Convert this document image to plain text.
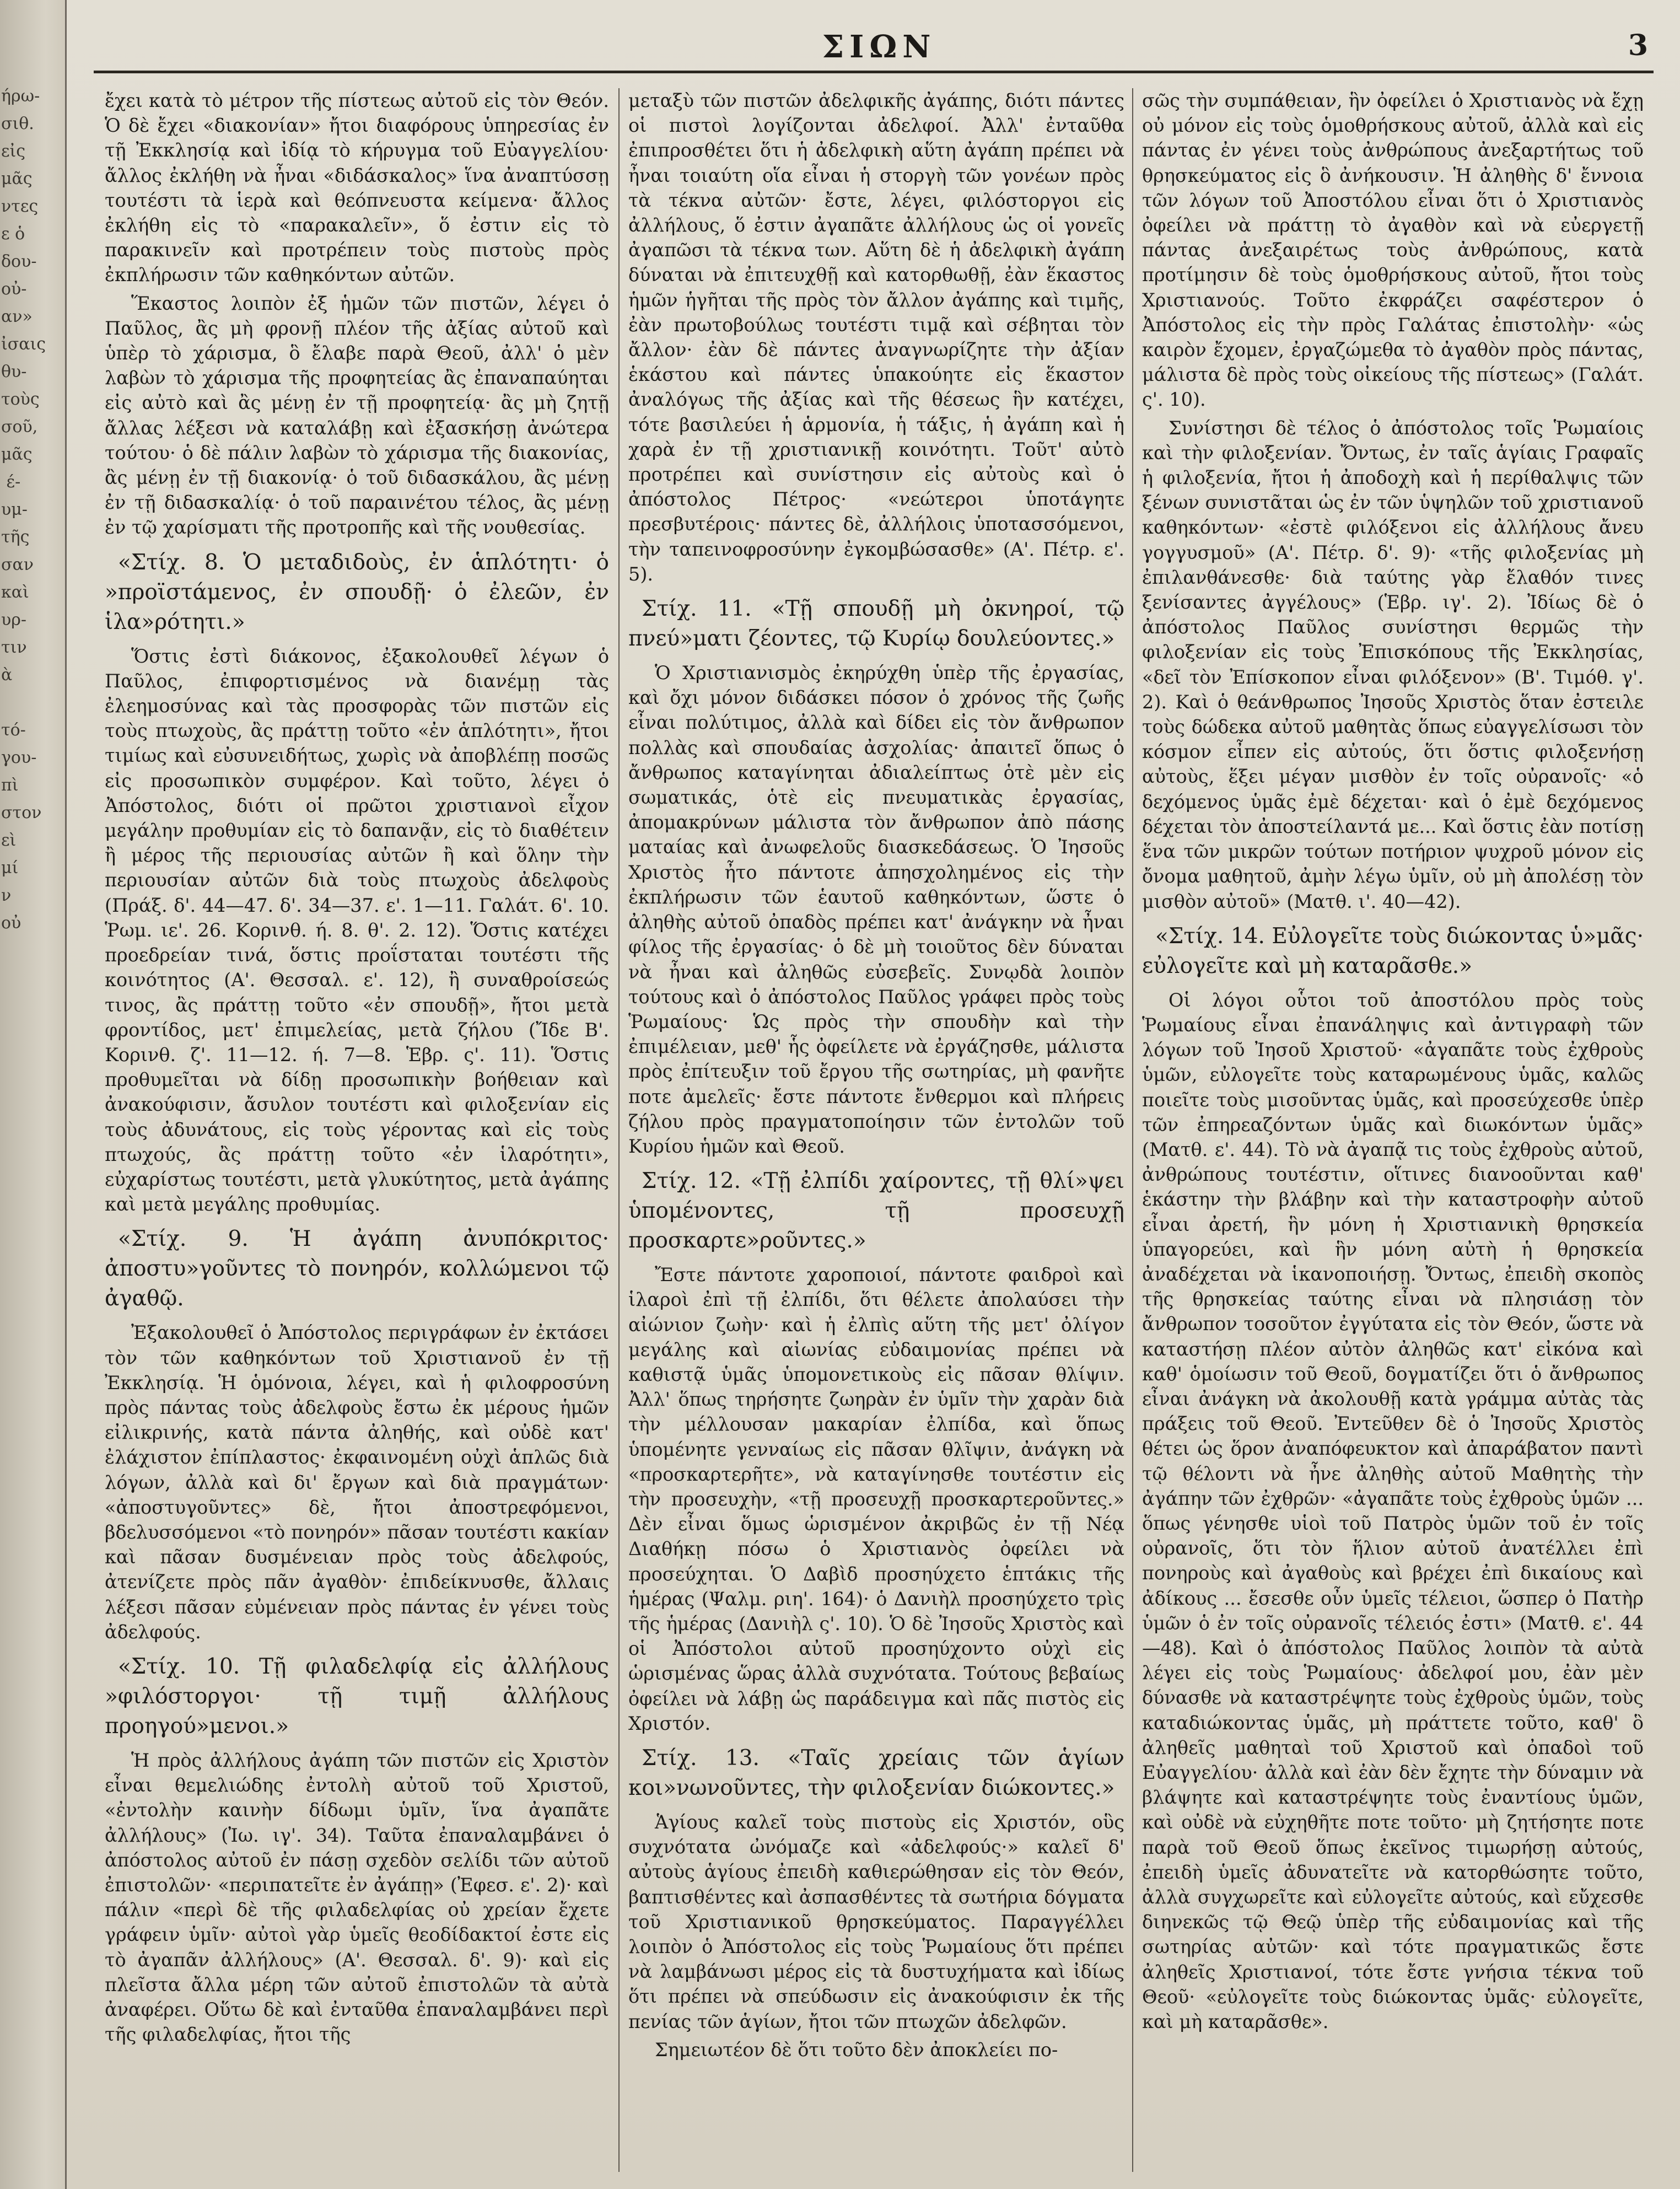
ήρω-
σιθ.
εἰς
μᾶς
ντες
ε ὁ
δου-
οὐ-
αν»
ἰσαις
θυ-
τοὺς
σοῦ,
μᾶς
έ-
υμ-
τῆς
σαν
καὶ
υρ-
τιν
ὰ

τό-
γου-
πὶ
στον
εὶ
μί
ν
οὐ
ΣΙΩΝ	3

ἔχει κατὰ τὸ μέτρον τῆς πίστεως αὐτοῦ εἰς τὸν Θεόν. Ὁ δὲ ἔχει «διακονίαν» ἤτοι διαφόρους ὑπηρεσίας ἐν τῇ Ἐκκλησίᾳ καὶ ἰδίᾳ τὸ κήρυγμα τοῦ Εὐαγγελίου· ἄλλος ἐκλήθη νὰ ἦναι «διδάσκαλος» ἵνα ἀναπτύσσῃ τουτέστι τὰ ἱερὰ καὶ θεόπνευστα κείμενα· ἄλλος ἐκλήθη εἰς τὸ «παρακαλεῖν», ὅ ἐστιν εἰς τὸ παρακινεῖν καὶ προτρέπειν τοὺς πιστοὺς πρὸς ἐκπλήρωσιν τῶν καθηκόντων αὐτῶν.

Ἕκαστος λοιπὸν ἐξ ἡμῶν τῶν πιστῶν, λέγει ὁ Παῦλος, ἂς μὴ φρονῇ πλέον τῆς ἀξίας αὐτοῦ καὶ ὑπὲρ τὸ χάρισμα, ὃ ἔλαβε παρὰ Θεοῦ, ἀλλ' ὁ μὲν λαβὼν τὸ χάρισμα τῆς προφητείας ἂς ἐπαναπαύηται εἰς αὐτὸ καὶ ἂς μένῃ ἐν τῇ προφητείᾳ· ἂς μὴ ζητῇ ἄλλας λέξεσι νὰ καταλάβῃ καὶ ἐξασκήσῃ ἀνώτερα τούτου· ὁ δὲ πάλιν λαβὼν τὸ χάρισμα τῆς διακονίας, ἂς μένῃ ἐν τῇ διακονίᾳ· ὁ τοῦ διδασκάλου, ἂς μένῃ ἐν τῇ διδασκαλίᾳ· ὁ τοῦ παραινέτου τέλος, ἂς μένῃ ἐν τῷ χαρίσματι τῆς προτροπῆς καὶ τῆς νουθεσίας.

«Στίχ. 8. Ὁ μεταδιδοὺς, ἐν ἁπλότητι· ὁ »προϊστάμενος, ἐν σπουδῇ· ὁ ἐλεῶν, ἐν ἱλα»ρότητι.»

Ὅστις ἐστὶ διάκονος, ἐξακολουθεῖ λέγων ὁ Παῦλος, ἐπιφορτισμένος νὰ διανέμῃ τὰς ἐλεημοσύνας καὶ τὰς προσφορὰς τῶν πιστῶν εἰς τοὺς πτωχοὺς, ἂς πράττῃ τοῦτο «ἐν ἁπλότητι», ἤτοι τιμίως καὶ εὐσυνειδήτως, χωρὶς νὰ ἀποβλέπῃ ποσῶς εἰς προσωπικὸν συμφέρον. Καὶ τοῦτο, λέγει ὁ Ἀπόστολος, διότι οἱ πρῶτοι χριστιανοὶ εἶχον μεγάλην προθυμίαν εἰς τὸ δαπανᾷν, εἰς τὸ διαθέτειν ἢ μέρος τῆς περιουσίας αὐτῶν ἢ καὶ ὅλην τὴν περιουσίαν αὐτῶν διὰ τοὺς πτωχοὺς ἀδελφοὺς (Πράξ. δ'. 44—47. δ'. 34—37. ε'. 1—11. Γαλάτ. 6'. 10. Ῥωμ. ιε'. 26. Κορινθ. ή. 8. θ'. 2. 12). Ὅστις κατέχει προεδρείαν τινά, ὅστις προΐσταται τουτέστι τῆς κοινότητος (Α'. Θεσσαλ. ε'. 12), ἢ συναθροίσεώς τινος, ἂς πράττῃ τοῦτο «ἐν σπουδῇ», ἤτοι μετὰ φροντίδος, μετ' ἐπιμελείας, μετὰ ζήλου (Ἴδε Β'. Κορινθ. ζ'. 11—12. ή. 7—8. Ἑβρ. ς'. 11). Ὅστις προθυμεῖται νὰ δίδῃ προσωπικὴν βοήθειαν καὶ ἀνακούφισιν, ἄσυλον τουτέστι καὶ φιλοξενίαν εἰς τοὺς ἀδυνάτους, εἰς τοὺς γέροντας καὶ εἰς τοὺς πτωχούς, ἂς πράττῃ τοῦτο «ἐν ἱλαρότητι», εὐχαρίστως τουτέστι, μετὰ γλυκύτητος, μετὰ ἀγάπης καὶ μετὰ μεγάλης προθυμίας.

«Στίχ. 9. Ἡ ἀγάπη ἀνυπόκριτος· ἀποστυ»γοῦντες τὸ πονηρόν, κολλώμενοι τῷ ἀγαθῷ.

Ἐξακολουθεῖ ὁ Ἀπόστολος περιγράφων ἐν ἐκτάσει τὸν τῶν καθηκόντων τοῦ Χριστιανοῦ ἐν τῇ Ἐκκλησίᾳ. Ἡ ὁμόνοια, λέγει, καὶ ἡ φιλοφροσύνη πρὸς πάντας τοὺς ἀδελφοὺς ἔστω ἐκ μέρους ἡμῶν εἰλικρινής, κατὰ πάντα ἀληθής, καὶ οὐδὲ κατ' ἐλάχιστον ἐπίπλαστος· ἐκφαινομένη οὐχὶ ἁπλῶς διὰ λόγων, ἀλλὰ καὶ δι' ἔργων καὶ διὰ πραγμάτων· «ἀποστυγοῦντες» δὲ, ἤτοι ἀποστρεφόμενοι, βδελυσσόμενοι «τὸ πονηρόν» πᾶσαν τουτέστι κακίαν καὶ πᾶσαν δυσμένειαν πρὸς τοὺς ἀδελφούς, ἀτενίζετε πρὸς πᾶν ἀγαθὸν· ἐπιδείκνυσθε, ἄλλαις λέξεσι πᾶσαν εὐμένειαν πρὸς πάντας ἐν γένει τοὺς ἀδελφούς.

«Στίχ. 10. Τῇ φιλαδελφίᾳ εἰς ἀλλήλους »φιλόστοργοι· τῇ τιμῇ ἀλλήλους προηγού»μενοι.»

Ἡ πρὸς ἀλλήλους ἀγάπη τῶν πιστῶν εἰς Χριστὸν εἶναι θεμελιώδης ἐντολὴ αὐτοῦ τοῦ Χριστοῦ, «ἐντολὴν καινὴν δίδωμι ὑμῖν, ἵνα ἀγαπᾶτε ἀλλήλους» (Ἰω. ιγ'. 34). Ταῦτα ἐπαναλαμβάνει ὁ ἀπόστολος αὐτοῦ ἐν πάσῃ σχεδὸν σελίδι τῶν αὐτοῦ ἐπιστολῶν· «περιπατεῖτε ἐν ἀγάπῃ» (Ἐφεσ. ε'. 2)· καὶ πάλιν «περὶ δὲ τῆς φιλαδελφίας οὐ χρείαν ἔχετε γράφειν ὑμῖν· αὐτοὶ γὰρ ὑμεῖς θεοδίδακτοί ἐστε εἰς τὸ ἀγαπᾶν ἀλλήλους» (Α'. Θεσσαλ. δ'. 9)· καὶ εἰς πλεῖστα ἄλλα μέρη τῶν αὐτοῦ ἐπιστολῶν τὰ αὐτὰ ἀναφέρει. Οὕτω δὲ καὶ ἐνταῦθα ἐπαναλαμβάνει περὶ τῆς φιλαδελφίας, ἤτοι τῆς

μεταξὺ τῶν πιστῶν ἀδελφικῆς ἀγάπης, διότι πάντες οἱ πιστοὶ λογίζονται ἀδελφοί. Ἀλλ' ἐνταῦθα ἐπιπροσθέτει ὅτι ἡ ἀδελφικὴ αὕτη ἀγάπη πρέπει νὰ ἦναι τοιαύτη οἵα εἶναι ἡ στοργὴ τῶν γονέων πρὸς τὰ τέκνα αὐτῶν· ἔστε, λέγει, φιλόστοργοι εἰς ἀλλήλους, ὅ ἐστιν ἀγαπᾶτε ἀλλήλους ὡς οἱ γονεῖς ἀγαπῶσι τὰ τέκνα των. Αὕτη δὲ ἡ ἀδελφικὴ ἀγάπη δύναται νὰ ἐπιτευχθῇ καὶ κατορθωθῇ, ἐὰν ἕκαστος ἡμῶν ἡγῆται τῆς πρὸς τὸν ἄλλον ἀγάπης καὶ τιμῆς, ἐὰν πρωτοβούλως τουτέστι τιμᾷ καὶ σέβηται τὸν ἄλλον· ἐὰν δὲ πάντες ἀναγνωρίζητε τὴν ἀξίαν ἑκάστου καὶ πάντες ὑπακούητε εἰς ἕκαστον ἀναλόγως τῆς ἀξίας καὶ τῆς θέσεως ἣν κατέχει, τότε βασιλεύει ἡ ἁρμονία, ἡ τάξις, ἡ ἀγάπη καὶ ἡ χαρὰ ἐν τῇ χριστιανικῇ κοινότητι. Τοῦτ' αὐτὸ προτρέπει καὶ συνίστησιν εἰς αὐτοὺς καὶ ὁ ἀπόστολος Πέτρος· «νεώτεροι ὑποτάγητε πρεσβυτέροις· πάντες δὲ, ἀλλήλοις ὑποτασσόμενοι, τὴν ταπεινοφροσύνην ἐγκομβώσασθε» (Α'. Πέτρ. ε'. 5).

Στίχ. 11. «Τῇ σπουδῇ μὴ ὀκνηροί, τῷ πνεύ»ματι ζέοντες, τῷ Κυρίῳ δουλεύοντες.»

Ὁ Χριστιανισμὸς ἐκηρύχθη ὑπὲρ τῆς ἐργασίας, καὶ ὄχι μόνον διδάσκει πόσον ὁ χρόνος τῆς ζωῆς εἶναι πολύτιμος, ἀλλὰ καὶ δίδει εἰς τὸν ἄνθρωπον πολλὰς καὶ σπουδαίας ἀσχολίας· ἀπαιτεῖ ὅπως ὁ ἄνθρωπος καταγίνηται ἀδιαλείπτως ὁτὲ μὲν εἰς σωματικάς, ὁτὲ εἰς πνευματικὰς ἐργασίας, ἀπομακρύνων μάλιστα τὸν ἄνθρωπον ἀπὸ πάσης ματαίας καὶ ἀνωφελοῦς διασκεδάσεως. Ὁ Ἰησοῦς Χριστὸς ἦτο πάντοτε ἀπησχολημένος εἰς τὴν ἐκπλήρωσιν τῶν ἑαυτοῦ καθηκόντων, ὥστε ὁ ἀληθὴς αὐτοῦ ὀπαδὸς πρέπει κατ' ἀνάγκην νὰ ἦναι φίλος τῆς ἐργασίας· ὁ δὲ μὴ τοιοῦτος δὲν δύναται νὰ ἦναι καὶ ἀληθῶς εὐσεβεῖς. Συνῳδὰ λοιπὸν τούτους καὶ ὁ ἀπόστολος Παῦλος γράφει πρὸς τοὺς Ῥωμαίους· Ὡς πρὸς τὴν σπουδὴν καὶ τὴν ἐπιμέλειαν, μεθ' ἧς ὀφείλετε νὰ ἐργάζησθε, μάλιστα πρὸς ἐπίτευξιν τοῦ ἔργου τῆς σωτηρίας, μὴ φανῆτε ποτε ἀμελεῖς· ἔστε πάντοτε ἔνθερμοι καὶ πλήρεις ζήλου πρὸς πραγματοποίησιν τῶν ἐντολῶν τοῦ Κυρίου ἡμῶν καὶ Θεοῦ.

Στίχ. 12. «Τῇ ἐλπίδι χαίροντες, τῇ θλί»ψει ὑπομένοντες, τῇ προσευχῇ προσκαρτε»ροῦντες.»

Ἔστε πάντοτε χαροποιοί, πάντοτε φαιδροὶ καὶ ἱλαροὶ ἐπὶ τῇ ἐλπίδι, ὅτι θέλετε ἀπολαύσει τὴν αἰώνιον ζωὴν· καὶ ἡ ἐλπὶς αὕτη τῆς μετ' ὀλίγον μεγάλης καὶ αἰωνίας εὐδαιμονίας πρέπει νὰ καθιστᾷ ὑμᾶς ὑπομονετικοὺς εἰς πᾶσαν θλίψιν. Ἀλλ' ὅπως τηρήσητε ζωηρὰν ἐν ὑμῖν τὴν χαρὰν διὰ τὴν μέλλουσαν μακαρίαν ἐλπίδα, καὶ ὅπως ὑπομένητε γενναίως εἰς πᾶσαν θλῖψιν, ἀνάγκη νὰ «προσκαρτερῆτε», νὰ καταγίνησθε τουτέστιν εἰς τὴν προσευχὴν, «τῇ προσευχῇ προσκαρτεροῦντες.» Δὲν εἶναι ὅμως ὡρισμένον ἀκριβῶς ἐν τῇ Νέᾳ Διαθήκῃ πόσω ὁ Χριστιανὸς ὀφείλει νὰ προσεύχηται. Ὁ Δαβὶδ προσηύχετο ἑπτάκις τῆς ἡμέρας (Ψαλμ. ριη'. 164)· ὁ Δανιὴλ προσηύχετο τρὶς τῆς ἡμέρας (Δανιὴλ ς'. 10). Ὁ δὲ Ἰησοῦς Χριστὸς καὶ οἱ Ἀπόστολοι αὐτοῦ προσηύχοντο οὐχὶ εἰς ὡρισμένας ὥρας ἀλλὰ συχνότατα. Τούτους βεβαίως ὀφείλει νὰ λάβῃ ὡς παράδειγμα καὶ πᾶς πιστὸς εἰς Χριστόν.

Στίχ. 13. «Ταῖς χρείαις τῶν ἁγίων κοι»νωνοῦντες, τὴν φιλοξενίαν διώκοντες.»

Ἁγίους καλεῖ τοὺς πιστοὺς εἰς Χριστόν, οὓς συχνότατα ὠνόμαζε καὶ «ἀδελφούς·» καλεῖ δ' αὐτοὺς ἁγίους ἐπειδὴ καθιερώθησαν εἰς τὸν Θεόν, βαπτισθέντες καὶ ἀσπασθέντες τὰ σωτήρια δόγματα τοῦ Χριστιανικοῦ θρησκεύματος. Παραγγέλλει λοιπὸν ὁ Ἀπόστολος εἰς τοὺς Ῥωμαίους ὅτι πρέπει νὰ λαμβάνωσι μέρος εἰς τὰ δυστυχήματα καὶ ἰδίως ὅτι πρέπει νὰ σπεύδωσιν εἰς ἀνακούφισιν ἐκ τῆς πενίας τῶν ἁγίων, ἤτοι τῶν πτωχῶν ἀδελφῶν.

Σημειωτέον δὲ ὅτι τοῦτο δὲν ἀποκλείει πο-

σῶς τὴν συμπάθειαν, ἣν ὀφείλει ὁ Χριστιανὸς νὰ ἔχῃ οὐ μόνον εἰς τοὺς ὁμοθρήσκους αὐτοῦ, ἀλλὰ καὶ εἰς πάντας ἐν γένει τοὺς ἀνθρώπους ἀνεξαρτήτως τοῦ θρησκεύματος εἰς ὃ ἀνήκουσιν. Ἡ ἀληθὴς δ' ἔννοια τῶν λόγων τοῦ Ἀποστόλου εἶναι ὅτι ὁ Χριστιανὸς ὀφείλει νὰ πράττῃ τὸ ἀγαθὸν καὶ νὰ εὐεργετῇ πάντας ἀνεξαιρέτως τοὺς ἀνθρώπους, κατὰ προτίμησιν δὲ τοὺς ὁμοθρήσκους αὐτοῦ, ἤτοι τοὺς Χριστιανούς. Τοῦτο ἐκφράζει σαφέστερον ὁ Ἀπόστολος εἰς τὴν πρὸς Γαλάτας ἐπιστολὴν· «ὡς καιρὸν ἔχομεν, ἐργαζώμεθα τὸ ἀγαθὸν πρὸς πάντας, μάλιστα δὲ πρὸς τοὺς οἰκείους τῆς πίστεως» (Γαλάτ. ς'. 10).

Συνίστησι δὲ τέλος ὁ ἀπόστολος τοῖς Ῥωμαίοις καὶ τὴν φιλοξενίαν. Ὄντως, ἐν ταῖς ἁγίαις Γραφαῖς ἡ φιλοξενία, ἤτοι ἡ ἀποδοχὴ καὶ ἡ περίθαλψις τῶν ξένων συνιστᾶται ὡς ἐν τῶν ὑψηλῶν τοῦ χριστιανοῦ καθηκόντων· «ἐστὲ φιλόξενοι εἰς ἀλλήλους ἄνευ γογγυσμοῦ» (Α'. Πέτρ. δ'. 9)· «τῆς φιλοξενίας μὴ ἐπιλανθάνεσθε· διὰ ταύτης γὰρ ἔλαθόν τινες ξενίσαντες ἀγγέλους» (Ἑβρ. ιγ'. 2). Ἰδίως δὲ ὁ ἀπόστολος Παῦλος συνίστησι θερμῶς τὴν φιλοξενίαν εἰς τοὺς Ἐπισκόπους τῆς Ἐκκλησίας, «δεῖ τὸν Ἐπίσκοπον εἶναι φιλόξενον» (Β'. Τιμόθ. γ'. 2). Καὶ ὁ θεάνθρωπος Ἰησοῦς Χριστὸς ὅταν ἐστειλε τοὺς δώδεκα αὐτοῦ μαθητὰς ὅπως εὐαγγελίσωσι τὸν κόσμον εἶπεν εἰς αὐτούς, ὅτι ὅστις φιλοξενήσῃ αὐτοὺς, ἕξει μέγαν μισθὸν ἐν τοῖς οὐρανοῖς· «ὁ δεχόμενος ὑμᾶς ἐμὲ δέχεται· καὶ ὁ ἐμὲ δεχόμενος δέχεται τὸν ἀποστείλαντά με... Καὶ ὅστις ἐὰν ποτίσῃ ἕνα τῶν μικρῶν τούτων ποτήριον ψυχροῦ μόνον εἰς ὄνομα μαθητοῦ, ἀμὴν λέγω ὑμῖν, οὐ μὴ ἀπολέσῃ τὸν μισθὸν αὐτοῦ» (Ματθ. ι'. 40—42).

«Στίχ. 14. Εὐλογεῖτε τοὺς διώκοντας ὑ»μᾶς· εὐλογεῖτε καὶ μὴ καταρᾶσθε.»

Οἱ λόγοι οὗτοι τοῦ ἀποστόλου πρὸς τοὺς Ῥωμαίους εἶναι ἐπανάληψις καὶ ἀντιγραφὴ τῶν λόγων τοῦ Ἰησοῦ Χριστοῦ· «ἀγαπᾶτε τοὺς ἐχθροὺς ὑμῶν, εὐλογεῖτε τοὺς καταρωμένους ὑμᾶς, καλῶς ποιεῖτε τοὺς μισοῦντας ὑμᾶς, καὶ προσεύχεσθε ὑπὲρ τῶν ἐπηρεαζόντων ὑμᾶς καὶ διωκόντων ὑμᾶς» (Ματθ. ε'. 44). Τὸ νὰ ἀγαπᾷ τις τοὺς ἐχθροὺς αὐτοῦ, ἀνθρώπους τουτέστιν, οἵτινες διανοοῦνται καθ' ἑκάστην τὴν βλάβην καὶ τὴν καταστροφὴν αὐτοῦ εἶναι ἀρετή, ἣν μόνη ἡ Χριστιανικὴ θρησκεία ὑπαγορεύει, καὶ ἣν μόνη αὐτὴ ἡ θρησκεία ἀναδέχεται νὰ ἱκανοποιήσῃ. Ὄντως, ἐπειδὴ σκοπὸς τῆς θρησκείας ταύτης εἶναι νὰ πλησιάσῃ τὸν ἄνθρωπον τοσοῦτον ἐγγύτατα εἰς τὸν Θεόν, ὥστε νὰ καταστήσῃ πλέον αὐτὸν ἀληθῶς κατ' εἰκόνα καὶ καθ' ὁμοίωσιν τοῦ Θεοῦ, δογματίζει ὅτι ὁ ἄνθρωπος εἶναι ἀνάγκη νὰ ἀκολουθῇ κατὰ γράμμα αὐτὰς τὰς πράξεις τοῦ Θεοῦ. Ἐντεῦθεν δὲ ὁ Ἰησοῦς Χριστὸς θέτει ὡς ὅρον ἀναπόφευκτον καὶ ἀπαράβατον παντὶ τῷ θέλοντι νὰ ἦνε ἀληθὴς αὐτοῦ Μαθητὴς τὴν ἀγάπην τῶν ἐχθρῶν· «ἀγαπᾶτε τοὺς ἐχθροὺς ὑμῶν ... ὅπως γένησθε υἱοὶ τοῦ Πατρὸς ὑμῶν τοῦ ἐν τοῖς οὐρανοῖς, ὅτι τὸν ἥλιον αὐτοῦ ἀνατέλλει ἐπὶ πονηροὺς καὶ ἀγαθοὺς καὶ βρέχει ἐπὶ δικαίους καὶ ἀδίκους ... ἔσεσθε οὖν ὑμεῖς τέλειοι, ὥσπερ ὁ Πατὴρ ὑμῶν ὁ ἐν τοῖς οὐρανοῖς τέλειός ἐστι» (Ματθ. ε'. 44—48). Καὶ ὁ ἀπόστολος Παῦλος λοιπὸν τὰ αὐτὰ λέγει εἰς τοὺς Ῥωμαίους· ἀδελφοί μου, ἐὰν μὲν δύνασθε νὰ καταστρέψητε τοὺς ἐχθροὺς ὑμῶν, τοὺς καταδιώκοντας ὑμᾶς, μὴ πράττετε τοῦτο, καθ' ὃ ἀληθεῖς μαθηταὶ τοῦ Χριστοῦ καὶ ὀπαδοὶ τοῦ Εὐαγγελίου· ἀλλὰ καὶ ἐὰν δὲν ἔχητε τὴν δύναμιν νὰ βλάψητε καὶ καταστρέψητε τοὺς ἐναντίους ὑμῶν, καὶ οὐδὲ νὰ εὐχηθῆτε ποτε τοῦτο· μὴ ζητήσητε ποτε παρὰ τοῦ Θεοῦ ὅπως ἐκεῖνος τιμωρήσῃ αὐτούς, ἐπειδὴ ὑμεῖς ἀδυνατεῖτε νὰ κατορθώσητε τοῦτο, ἀλλὰ συγχωρεῖτε καὶ εὐλογεῖτε αὐτούς, καὶ εὔχεσθε διηνεκῶς τῷ Θεῷ ὑπὲρ τῆς εὐδαιμονίας καὶ τῆς σωτηρίας αὐτῶν· καὶ τότε πραγματικῶς ἔστε ἀληθεῖς Χριστιανοί, τότε ἔστε γνήσια τέκνα τοῦ Θεοῦ· «εὐλογεῖτε τοὺς διώκοντας ὑμᾶς· εὐλογεῖτε, καὶ μὴ καταρᾶσθε».
